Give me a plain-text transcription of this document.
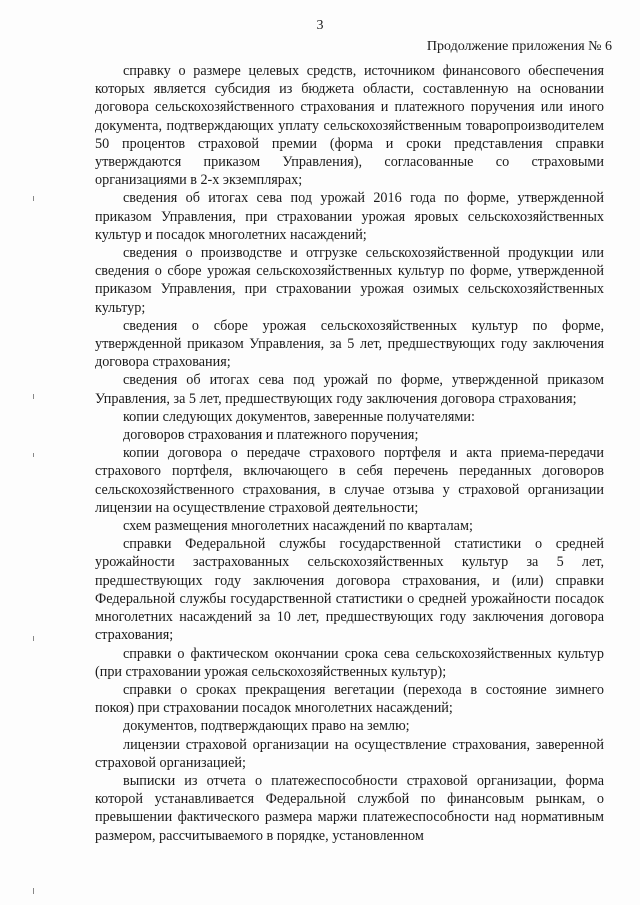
3
Продолжение приложения № 6

справку о размере целевых средств, источником финансового обеспечения которых является субсидия из бюджета области, составленную на основании договора сельскохозяйственного страхования и платежного поручения или иного документа, подтверждающих уплату сельскохозяйственным товаропроизводителем 50 процентов страховой премии (форма и сроки представления справки утверждаются приказом Управления), согласованные со страховыми организациями в 2-х экземплярах;

сведения об итогах сева под урожай 2016 года по форме, утвержденной приказом Управления, при страховании урожая яровых сельскохозяйственных культур и посадок многолетних насаждений;

сведения о производстве и отгрузке сельскохозяйственной продукции или сведения о сборе урожая сельскохозяйственных культур по форме, утвержденной приказом Управления, при страховании урожая озимых сельскохозяйственных культур;

сведения о сборе урожая сельскохозяйственных культур по форме, утвержденной приказом Управления, за 5 лет, предшествующих году заключения договора страхования;

сведения об итогах сева под урожай по форме, утвержденной приказом Управления, за 5 лет, предшествующих году заключения договора страхования;

копии следующих документов, заверенные получателями:

договоров страхования и платежного поручения;

копии договора о передаче страхового портфеля и акта приема-передачи страхового портфеля, включающего в себя перечень переданных договоров сельскохозяйственного страхования, в случае отзыва у страховой организации лицензии на осуществление страховой деятельности;

схем размещения многолетних насаждений по кварталам;

справки Федеральной службы государственной статистики о средней урожайности застрахованных сельскохозяйственных культур за 5 лет, предшествующих году заключения договора страхования, и (или) справки Федеральной службы государственной статистики о средней урожайности посадок многолетних насаждений за 10 лет, предшествующих году заключения договора страхования;

справки о фактическом окончании срока сева сельскохозяйственных культур (при страховании урожая сельскохозяйственных культур);

справки о сроках прекращения вегетации (перехода в состояние зимнего покоя) при страховании посадок многолетних насаждений;

документов, подтверждающих право на землю;

лицензии страховой организации на осуществление страхования, заверенной страховой организацией;

выписки из отчета о платежеспособности страховой организации, форма которой устанавливается Федеральной службой по финансовым рынкам, о превышении фактического размера маржи платежеспособности над нормативным размером, рассчитываемого в порядке, установленном
